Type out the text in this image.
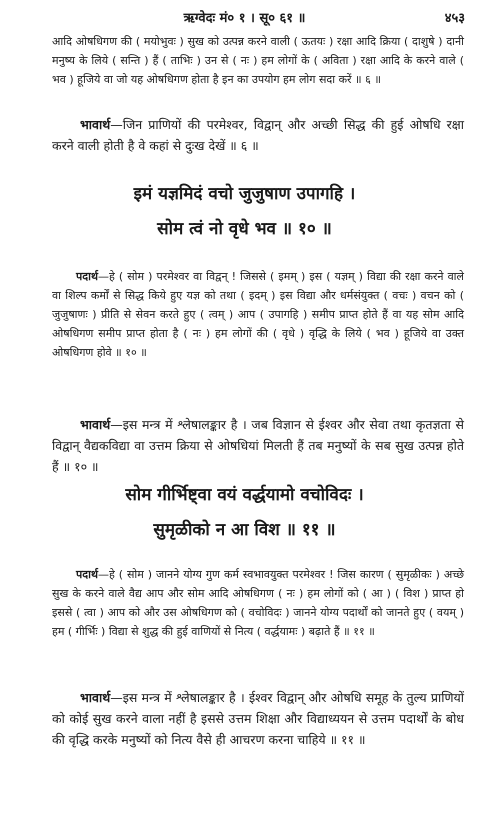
ऋग्वेदः मं० १ । सू० ६१ ॥	४५३
आदि ओषधिगण की ( मयोभुवः ) सुख को उत्पन्न करने वाली ( ऊतयः ) रक्षा आदि क्रिया ( दाशुषे ) दानी मनुष्य के लिये ( सन्ति ) हैं ( ताभिः ) उन से ( नः ) हम लोगों के ( अविता ) रक्षा आदि के करने वाले ( भव ) हूजिये वा जो यह ओषधिगण होता है इन का उपयोग हम लोग सदा करें ॥ ६ ॥
भावार्थ—जिन प्राणियों की परमेश्वर, विद्वान् और अच्छी सिद्ध की हुई ओषधि रक्षा करने वाली होती है वे कहां से दुःख देखें ॥ ६ ॥
इमं यज्ञमिदं वचो जुजुषाण उपागहि ।
सोम त्वं नो वृधे भव ॥ १० ॥
पदार्थ—हे ( सोम ) परमेश्वर वा विद्वन् ! जिससे ( इमम् ) इस ( यज्ञम् ) विद्या की रक्षा करने वाले वा शिल्प कर्मों से सिद्ध किये हुए यज्ञ को तथा ( इदम् ) इस विद्या और धर्मसंयुक्त ( वचः ) वचन को ( जुजुषाणः ) प्रीति से सेवन करते हुए ( त्वम् ) आप ( उपागहि ) समीप प्राप्त होते हैं वा यह सोम आदि ओषधिगण समीप प्राप्त होता है ( नः ) हम लोगों की ( वृधे ) वृद्धि के लिये ( भव ) हूजिये वा उक्त ओषधिगण होवे ॥ १० ॥
भावार्थ—इस मन्त्र में श्लेषालङ्कार है । जब विज्ञान से ईश्वर और सेवा तथा कृतज्ञता से विद्वान् वैद्यकविद्या वा उत्तम क्रिया से ओषधियां मिलती हैं तब मनुष्यों के सब सुख उत्पन्न होते हैं ॥ १० ॥
सोम गीर्भिष्ट्वा वयं वर्द्धयामो वचोविदः ।
सुमृळीको न आ विश ॥ ११ ॥
पदार्थ—हे ( सोम ) जानने योग्य गुण कर्म स्वभावयुक्त परमेश्वर ! जिस कारण ( सुमृळीकः ) अच्छे सुख के करने वाले वैद्य आप और सोम आदि ओषधिगण ( नः ) हम लोगों को ( आ ) ( विश ) प्राप्त हो इससे ( त्वा ) आप को और उस ओषधिगण को ( वचोविदः ) जानने योग्य पदार्थों को जानते हुए ( वयम् ) हम ( गीर्भिः ) विद्या से शुद्ध की हुई वाणियों से नित्य ( वर्द्धयामः ) बढ़ाते हैं ॥ ११ ॥
भावार्थ—इस मन्त्र में श्लेषालङ्कार है । ईश्वर विद्वान् और ओषधि समूह के तुल्य प्राणियों को कोई सुख करने वाला नहीं है इससे उत्तम शिक्षा और विद्याध्ययन से उत्तम पदार्थों के बोध की वृद्धि करके मनुष्यों को नित्य वैसे ही आचरण करना चाहिये ॥ ११ ॥
